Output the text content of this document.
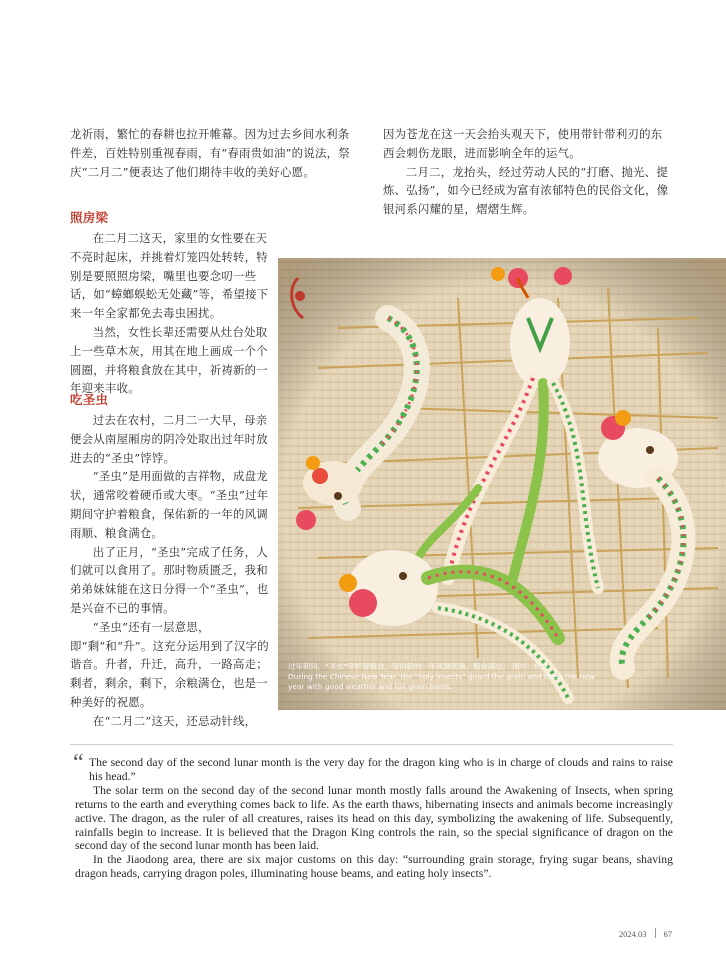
龙祈雨，繁忙的春耕也拉开帷幕。因为过去乡间水利条件差，百姓特别重视春雨，有“春雨贵如油”的说法，祭庆“二月二”便表达了他们期待丰收的美好心愿。

照房梁

在二月二这天，家里的女性要在天不亮时起床，并挑着灯笼四处转转，特别是要照照房梁，嘴里也要念叨一些话，如“蟑螂蜈蚣无处藏”等，希望接下来一年全家都免去毒虫困扰。

当然，女性长辈还需要从灶台处取上一些草木灰，用其在地上画成一个个圆圈，并将粮食放在其中，祈祷新的一年迎来丰收。

吃圣虫

过去在农村，二月二一大早，母亲便会从南屋厢房的阴冷处取出过年时放进去的“圣虫”饽饽。

“圣虫”是用面做的吉祥物，成盘龙状，通常咬着硬币或大枣。“圣虫”过年期间守护着粮食，保佑新的一年的风调雨顺、粮食满仓。

出了正月，“圣虫”完成了任务，人们就可以食用了。那时物质匮乏，我和弟弟妹妹能在这日分得一个“圣虫”，也是兴奋不已的事情。

“圣虫”还有一层意思，即“剩”和“升”。这充分运用到了汉字的谐音。升者，升迁，高升，一路高走；剩者，剩余，剩下，余粮满仓，也是一种美好的祝愿。

在“二月二”这天，还忌动针线，

因为苍龙在这一天会抬头观天下，使用带针带利刃的东西会刺伤龙眼，进而影响全年的运气。

二月二，龙抬头，经过劳动人民的“打磨、抛光、提炼、弘扬”，如今已经成为富有浓郁特色的民俗文化，像银河系闪耀的星，熠熠生辉。

过年期间，“圣虫”守护着粮食，保佑新的一年风调雨顺、粮食满仓。 图片：纪文

During the Chinese New Year, the "holy insects" guard the grain and bless the new year with good weather and full grain barns.

“ The second day of the second lunar month is the very day for the dragon king who is in charge of clouds and rains to raise his head.”

The solar term on the second day of the second lunar month mostly falls around the Awakening of Insects, when spring returns to the earth and everything comes back to life. As the earth thaws, hibernating insects and animals become increasingly active. The dragon, as the ruler of all creatures, raises its head on this day, symbolizing the awakening of life. Subsequently, rainfalls begin to increase. It is believed that the Dragon King controls the rain, so the special significance of dragon on the second day of the second lunar month has been laid.

In the Jiaodong area, there are six major customs on this day: “surrounding grain storage, frying sugar beans, shaving dragon heads, carrying dragon poles, illuminating house beams, and eating holy insects”.

2024.03 67
